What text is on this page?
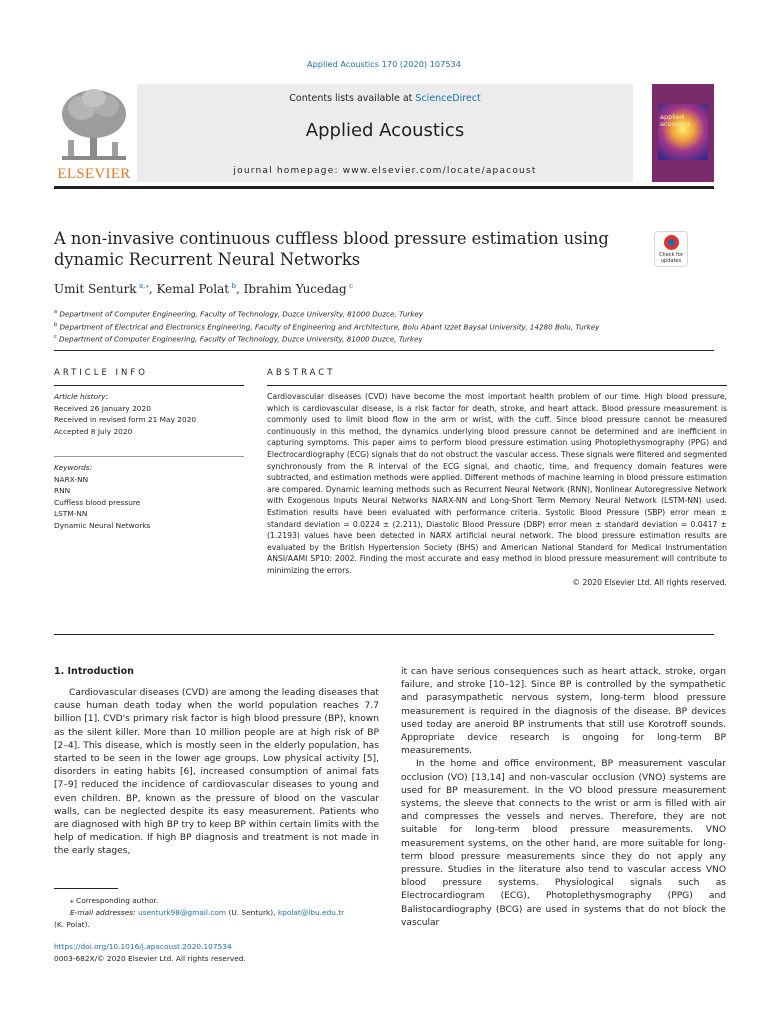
Applied Acoustics 170 (2020) 107534
ELSEVIER
Contents lists available at ScienceDirect
Applied Acoustics
journal homepage: www.elsevier.com/locate/apacoust
applied acoustics
A non-invasive continuous cuffless blood pressure estimation using dynamic Recurrent Neural Networks	Check for updates
Umit Senturk  $^{a,⁎}$, Kemal Polat  $^b$, Ibrahim Yucedag  $^c$
$^a$ Department of Computer Engineering, Faculty of Technology, Duzce University, 81000 Duzce, Turkey
$^b$ Department of Electrical and Electronics Engineering, Faculty of Engineering and Architecture, Bolu Abant Izzet Baysal University, 14280 Bolu, Turkey
$^c$ Department of Computer Engineering, Faculty of Technology, Duzce University, 81000 Duzce, Turkey
ARTICLE INFO
Article history:
Received 26 January 2020
Received in revised form 21 May 2020
Accepted 8 July 2020
Keywords:
NARX-NN
RNN
Cuffless blood pressure
LSTM-NN
Dynamic Neural Networks
ABSTRACT
Cardiovascular diseases (CVD) have become the most important health problem of our time. High blood pressure, which is cardiovascular disease, is a risk factor for death, stroke, and heart attack. Blood pressure measurement is commonly used to limit blood flow in the arm or wrist, with the cuff. Since blood pressure cannot be measured continuously in this method, the dynamics underlying blood pressure cannot be determined and are inefficient in capturing symptoms. This paper aims to perform blood pressure estimation using Photoplethysmography (PPG) and Electrocardiography (ECG) signals that do not obstruct the vascular access. These signals were filtered and segmented synchronously from the R interval of the ECG signal, and chaotic, time, and frequency domain features were subtracted, and estimation methods were applied. Different methods of machine learning in blood pressure estimation are compared. Dynamic learning methods such as Recurrent Neural Network (RNN), Nonlinear Autoregressive Network with Exogenous Inputs Neural Networks NARX-NN and Long-Short Term Memory Neural Network (LSTM-NN) used. Estimation results have been evaluated with performance criteria. Systolic Blood Pressure (SBP) error mean ± standard deviation = 0.0224 ± (2.211), Diastolic Blood Pressure (DBP) error mean ± standard deviation = 0.0417 ± (1.2193) values have been detected in NARX artificial neural network. The blood pressure estimation results are evaluated by the British Hypertension Society (BHS) and American National Standard for Medical Instrumentation ANSI/AAMI SP10: 2002. Finding the most accurate and easy method in blood pressure measurement will contribute to minimizing the errors.
© 2020 Elsevier Ltd. All rights reserved.
1. Introduction

Cardiovascular diseases (CVD) are among the leading diseases that cause human death today when the world population reaches 7.7 billion [1]. CVD's primary risk factor is high blood pressure (BP), known as the silent killer. More than 10 million people are at high risk of BP [2–4]. This disease, which is mostly seen in the elderly population, has started to be seen in the lower age groups. Low physical activity [5], disorders in eating habits [6], increased consumption of animal fats [7–9] reduced the incidence of cardiovascular diseases to young and even children. BP, known as the pressure of blood on the vascular walls, can be neglected despite its easy measurement. Patients who are diagnosed with high BP try to keep BP within certain limits with the help of medication. If high BP diagnosis and treatment is not made in the early stages,

it can have serious consequences such as heart attack, stroke, organ failure, and stroke [10–12]. Since BP is controlled by the sympathetic and parasympathetic nervous system, long-term blood pressure measurement is required in the diagnosis of the disease. BP devices used today are aneroid BP instruments that still use Korotroff sounds. Appropriate device research is ongoing for long-term BP measurements.

In the home and office environment, BP measurement vascular occlusion (VO) [13,14] and non-vascular occlusion (VNO) systems are used for BP measurement. In the VO blood pressure measurement systems, the sleeve that connects to the wrist or arm is filled with air and compresses the vessels and nerves. Therefore, they are not suitable for long-term blood pressure measurements. VNO measurement systems, on the other hand, are more suitable for long-term blood pressure measurements since they do not apply any pressure. Studies in the literature also tend to vascular access VNO blood pressure systems. Physiological signals such as Electrocardiogram (ECG), Photoplethysmography (PPG) and Balistocardiography (BCG) are used in systems that do not block the vascular

⁎ Corresponding author.
E-mail addresses: usenturk98@gmail.com (U. Senturk), kpolat@ibu.edu.tr
(K. Polat).
https://doi.org/10.1016/j.apacoust.2020.107534
0003-682X/© 2020 Elsevier Ltd. All rights reserved.
